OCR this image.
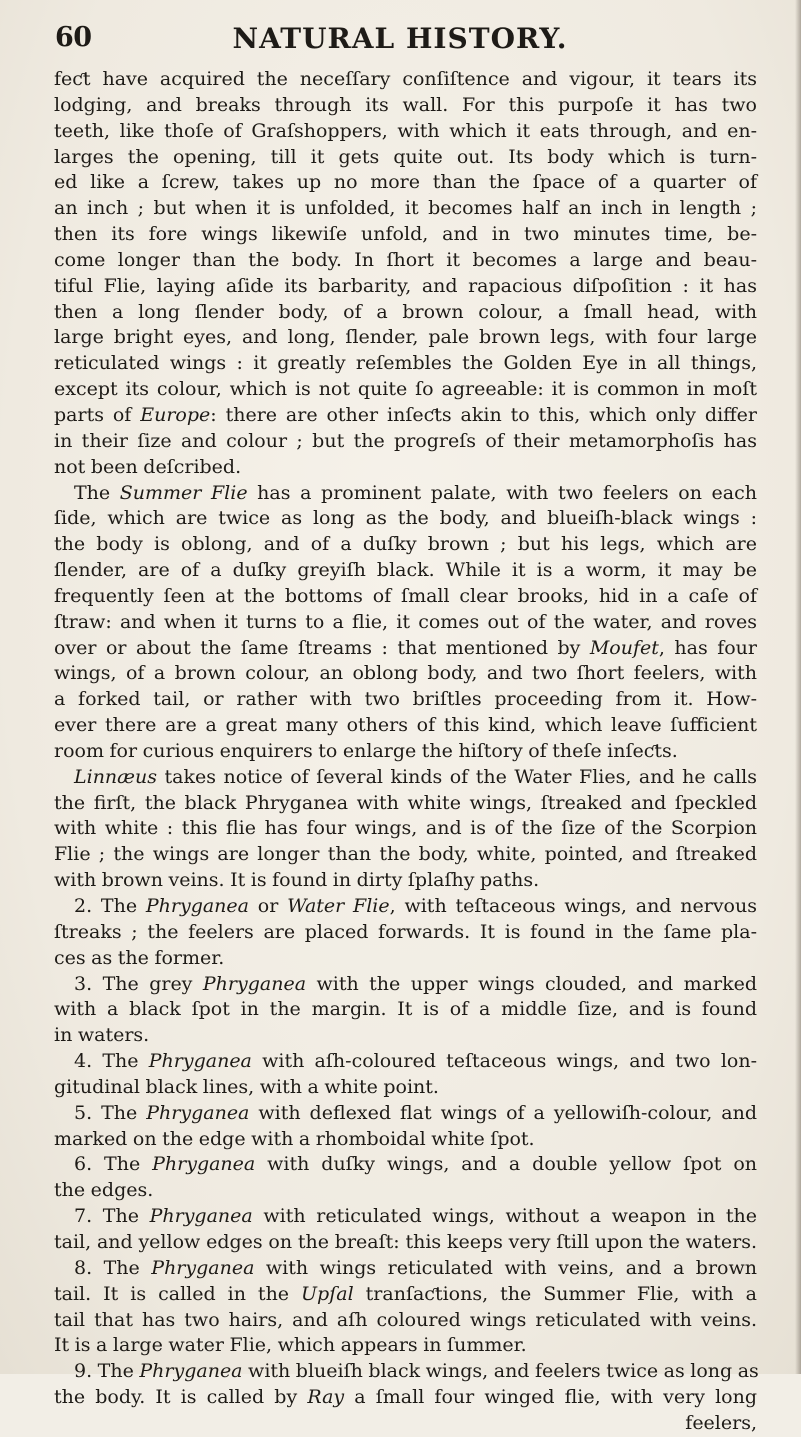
60	NATURAL HISTORY.
feƈt have acquired the neceſſary conſiſtence and vigour, it tears its
lodging, and breaks through its wall. For this purpoſe it has two
teeth, like thoſe of Graſshoppers, with which it eats through, and en-
larges the opening, till it gets quite out. Its body which is turn-
ed like a ſcrew, takes up no more than the ſpace of a quarter of
an inch ; but when it is unfolded, it becomes half an inch in length ;
then its fore wings likewiſe unfold, and in two minutes time, be-
come longer than the body. In ſhort it becomes a large and beau-
tiful Flie, laying aſide its barbarity, and rapacious diſpoſition : it has
then a long ſlender body, of a brown colour, a ſmall head, with
large bright eyes, and long, ſlender, pale brown legs, with four large
reticulated wings : it greatly reſembles the Golden Eye in all things,
except its colour, which is not quite ſo agreeable: it is common in moſt
parts of Europe: there are other inſeƈts akin to this, which only differ
in their ſize and colour ; but the progreſs of their metamorphoſis has
not been deſcribed.
The Summer Flie has a prominent palate, with two feelers on each
ſide, which are twice as long as the body, and blueiſh-black wings :
the body is oblong, and of a duſky brown ; but his legs, which are
ſlender, are of a duſky greyiſh black. While it is a worm, it may be
frequently ſeen at the bottoms of ſmall clear brooks, hid in a caſe of
ſtraw: and when it turns to a flie, it comes out of the water, and roves
over or about the ſame ſtreams : that mentioned by Moufet, has four
wings, of a brown colour, an oblong body, and two ſhort feelers, with
a forked tail, or rather with two briſtles proceeding from it. How-
ever there are a great many others of this kind, which leave ſufficient
room for curious enquirers to enlarge the hiſtory of theſe inſeƈts.
Linnæus takes notice of ſeveral kinds of the Water Flies, and he calls
the firſt, the black Phryganea with white wings, ſtreaked and ſpeckled
with white : this flie has four wings, and is of the ſize of the Scorpion
Flie ; the wings are longer than the body, white, pointed, and ſtreaked
with brown veins. It is found in dirty ſplaſhy paths.
2. The Phryganea or Water Flie, with teſtaceous wings, and nervous
ſtreaks ; the feelers are placed forwards. It is found in the ſame pla-
ces as the former.
3. The grey Phryganea with the upper wings clouded, and marked
with a black ſpot in the margin. It is of a middle ſize, and is found
in waters.
4. The Phryganea with aſh-coloured teſtaceous wings, and two lon-
gitudinal black lines, with a white point.
5. The Phryganea with deflexed flat wings of a yellowiſh-colour, and
marked on the edge with a rhomboidal white ſpot.
6. The Phryganea with duſky wings, and a double yellow ſpot on
the edges.
7. The Phryganea with reticulated wings, without a weapon in the
tail, and yellow edges on the breaſt: this keeps very ſtill upon the waters.
8. The Phryganea with wings reticulated with veins, and a brown
tail. It is called in the Upſal tranſaƈtions, the Summer Flie, with a
tail that has two hairs, and aſh coloured wings reticulated with veins.
It is a large water Flie, which appears in ſummer.
9. The Phryganea with blueiſh black wings, and feelers twice as long as
the body. It is called by Ray a ſmall four winged flie, with very long
feelers,
